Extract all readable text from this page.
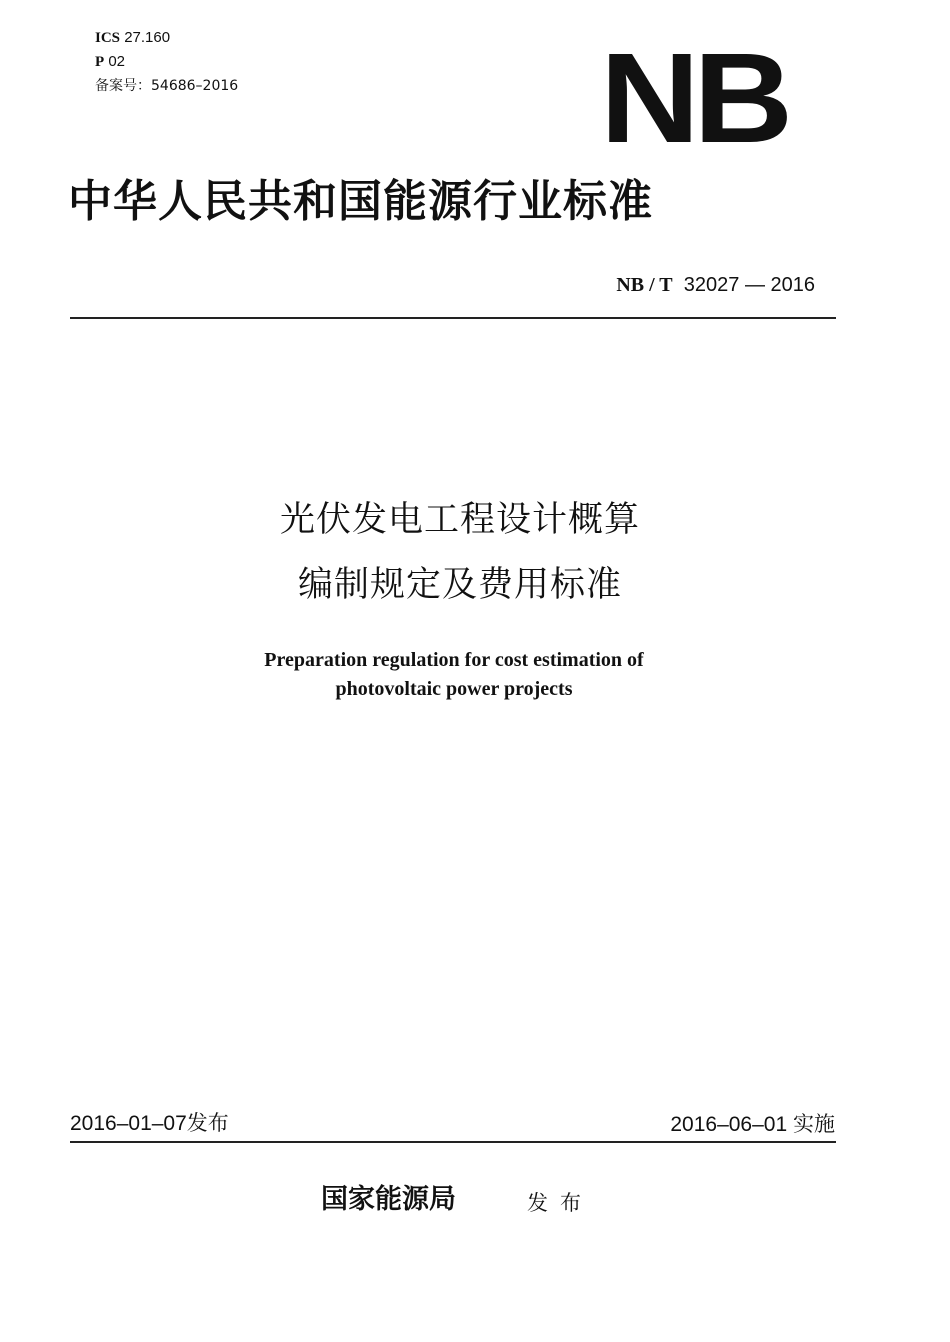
ICS 27.160
P 02
备案号：54686–2016	NB
中华人民共和国能源行业标准
NB / T 32027 — 2016
光伏发电工程设计概算
编制规定及费用标准
Preparation regulation for cost estimation of
photovoltaic power projects
2016–01–07发布	2016–06–01 实施
国家能源局	发布
